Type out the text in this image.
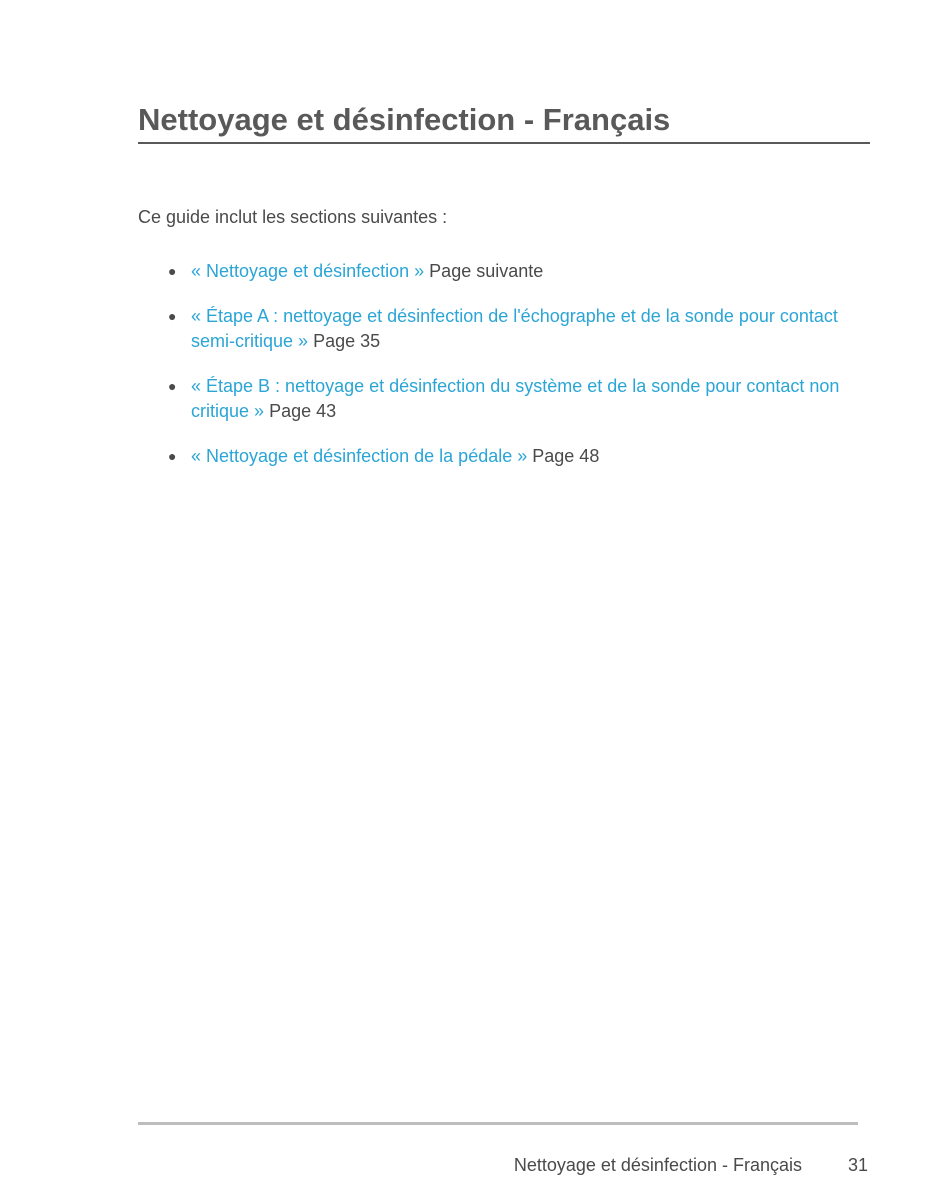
Nettoyage et désinfection - Français

Ce guide inclut les sections suivantes :

● « Nettoyage et désinfection » Page suivante
● « Étape A : nettoyage et désinfection de l'échographe et de la sonde pour contact semi-critique » Page 35
● « Étape B : nettoyage et désinfection du système et de la sonde pour contact non critique » Page 43
● « Nettoyage et désinfection de la pédale » Page 48
Nettoyage et désinfection - Français	31
